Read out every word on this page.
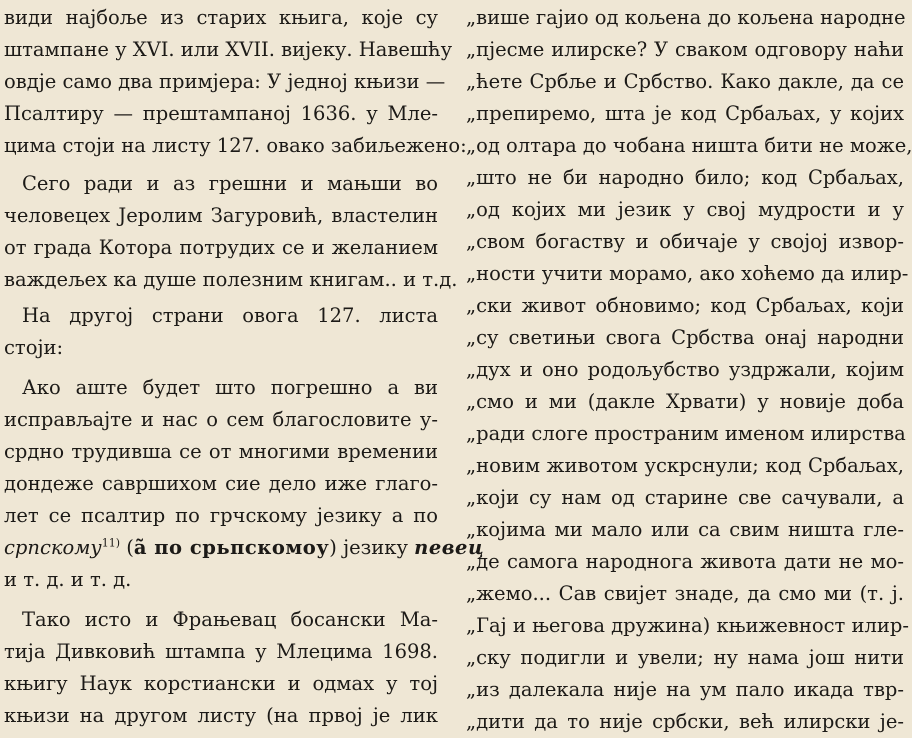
види најбоље из старих књига, које су
штампане у XVI. или XVII. вијеку. Навешћу
овдје само два примјера: У једној књизи —
Псалтиру — прештампаној 1636. у Мле-
цима стоји на листу 127. овако забиљежено:
Сего ради и аз грешни и мањши во
человецех Јеролим Загуровић, властелин
от града Котора потрудих се и желанием
важдељех ка душе полезним книгам.. и т.д.
На другој страни овога 127. листа
стоји:
Ако аште будет што погрешно а ви
исправљајте и нас о сем благословите у-
срдно трудивша се от многими времении
дондеже савршихом сие дело иже глаго-
лет се псалтир по грчскому језику а по
српскому$^{11)}$ (а̃ по срьпскомоу) језику певец
и т. д. и т. д.
Тако исто и Фрањевац босански Ма-
тија Дивковић штампа у Млецима 1698.
књигу Наук корстиански и одмах у тој
књизи на другом листу (на првој је лик
„више гајио од кољена до кољена народне
„пјесме илирске? У сваком одговору наћи
„ћете Србље и Србство. Како дакле, да се
„препиремо, шта је код Србаљах, у којих
„од олтара до чобана ништа бити не може,
„што не би народно било; код Србаљах,
„од којих ми језик у свој мудрости и у
„свом богаству и обичаје у својој извор-
„ности учити морамо, ако хоћемо да илир-
„ски живот обновимо; код Србаљах, који
„су светињи свога Србства онај народни
„дух и оно родољубство уздржали, којим
„смо и ми (дакле Хрвати) у новије доба
„ради слоге пространим именом илирства
„новим животом ускрснули; код Србаљах,
„који су нам од старине све сачували, а
„којима ми мало или са свим ништа гле-
„де самога народнога живота дати не мо-
„жемо... Сав свијет знаде, да смо ми (т. ј.
„Гај и његова дружина) књижевност илир-
„ску подигли и увели; ну нама још нити
„из далекала није на ум пало икада твр-
„дити да то није србски, већ илирски је-
